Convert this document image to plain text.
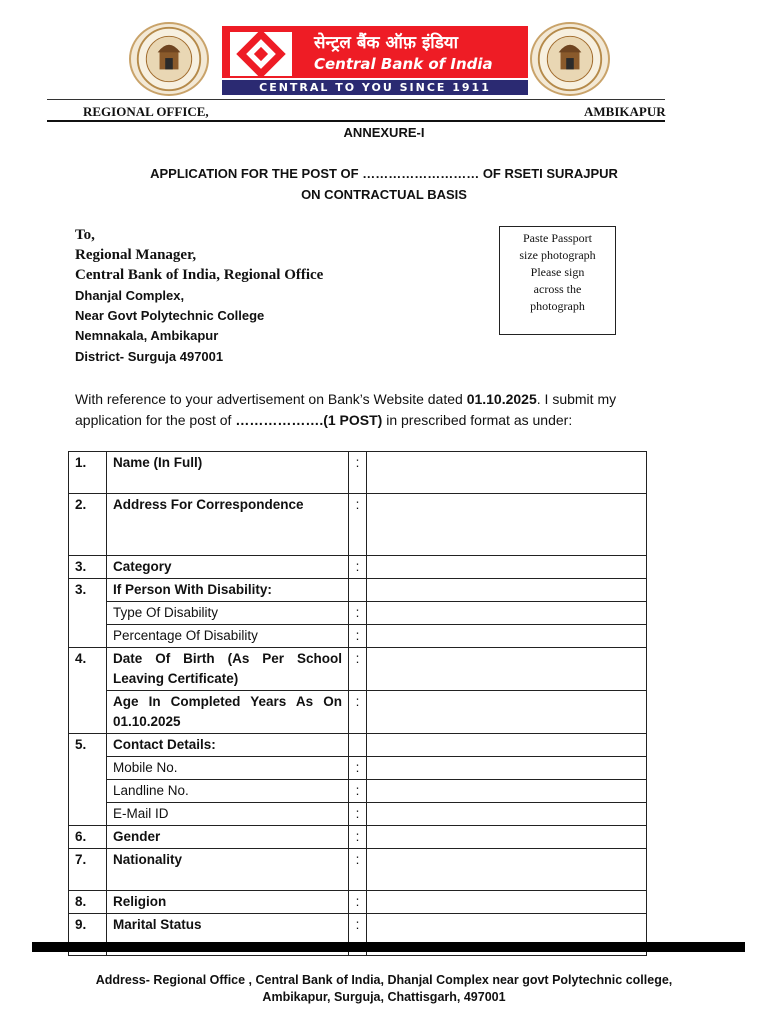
सेन्ट्रल बैंक ऑफ़ इंडिया
Central Bank of India
CENTRAL TO YOU SINCE 1911
REGIONAL OFFICE,	AMBIKAPUR
ANNEXURE-I
APPLICATION FOR THE POST OF ……………………… OF RSETI SURAJPUR
ON CONTRACTUAL BASIS
To,
Regional Manager,
Central Bank of India, Regional Office
Dhanjal Complex,
Near Govt Polytechnic College
Nemnakala, Ambikapur
District- Surguja 497001
Paste Passport
size photograph
Please sign
across the
photograph
With reference to your advertisement on Bank’s Website dated 01.10.2025. I submit my
application for the post of ……………….(1 POST) in prescribed format as under:
1.	Name (In Full)	:	
2.	Address For Correspondence	:	
3.	Category	:	
3.	If Person With Disability:		
	Type Of Disability	:	
	Percentage Of Disability	:	
4.	Date Of Birth (As Per School Leaving Certificate)	:	
	Age In Completed Years As On 01.10.2025	:	
5.	Contact Details:		
	Mobile No.	:	
	Landline No.	:	
	E-Mail ID	:	
6.	Gender	:	
7.	Nationality	:	
8.	Religion	:	
9.	Marital Status	:	
Address- Regional Office , Central Bank of India, Dhanjal Complex near govt Polytechnic college,
Ambikapur, Surguja, Chattisgarh, 497001
